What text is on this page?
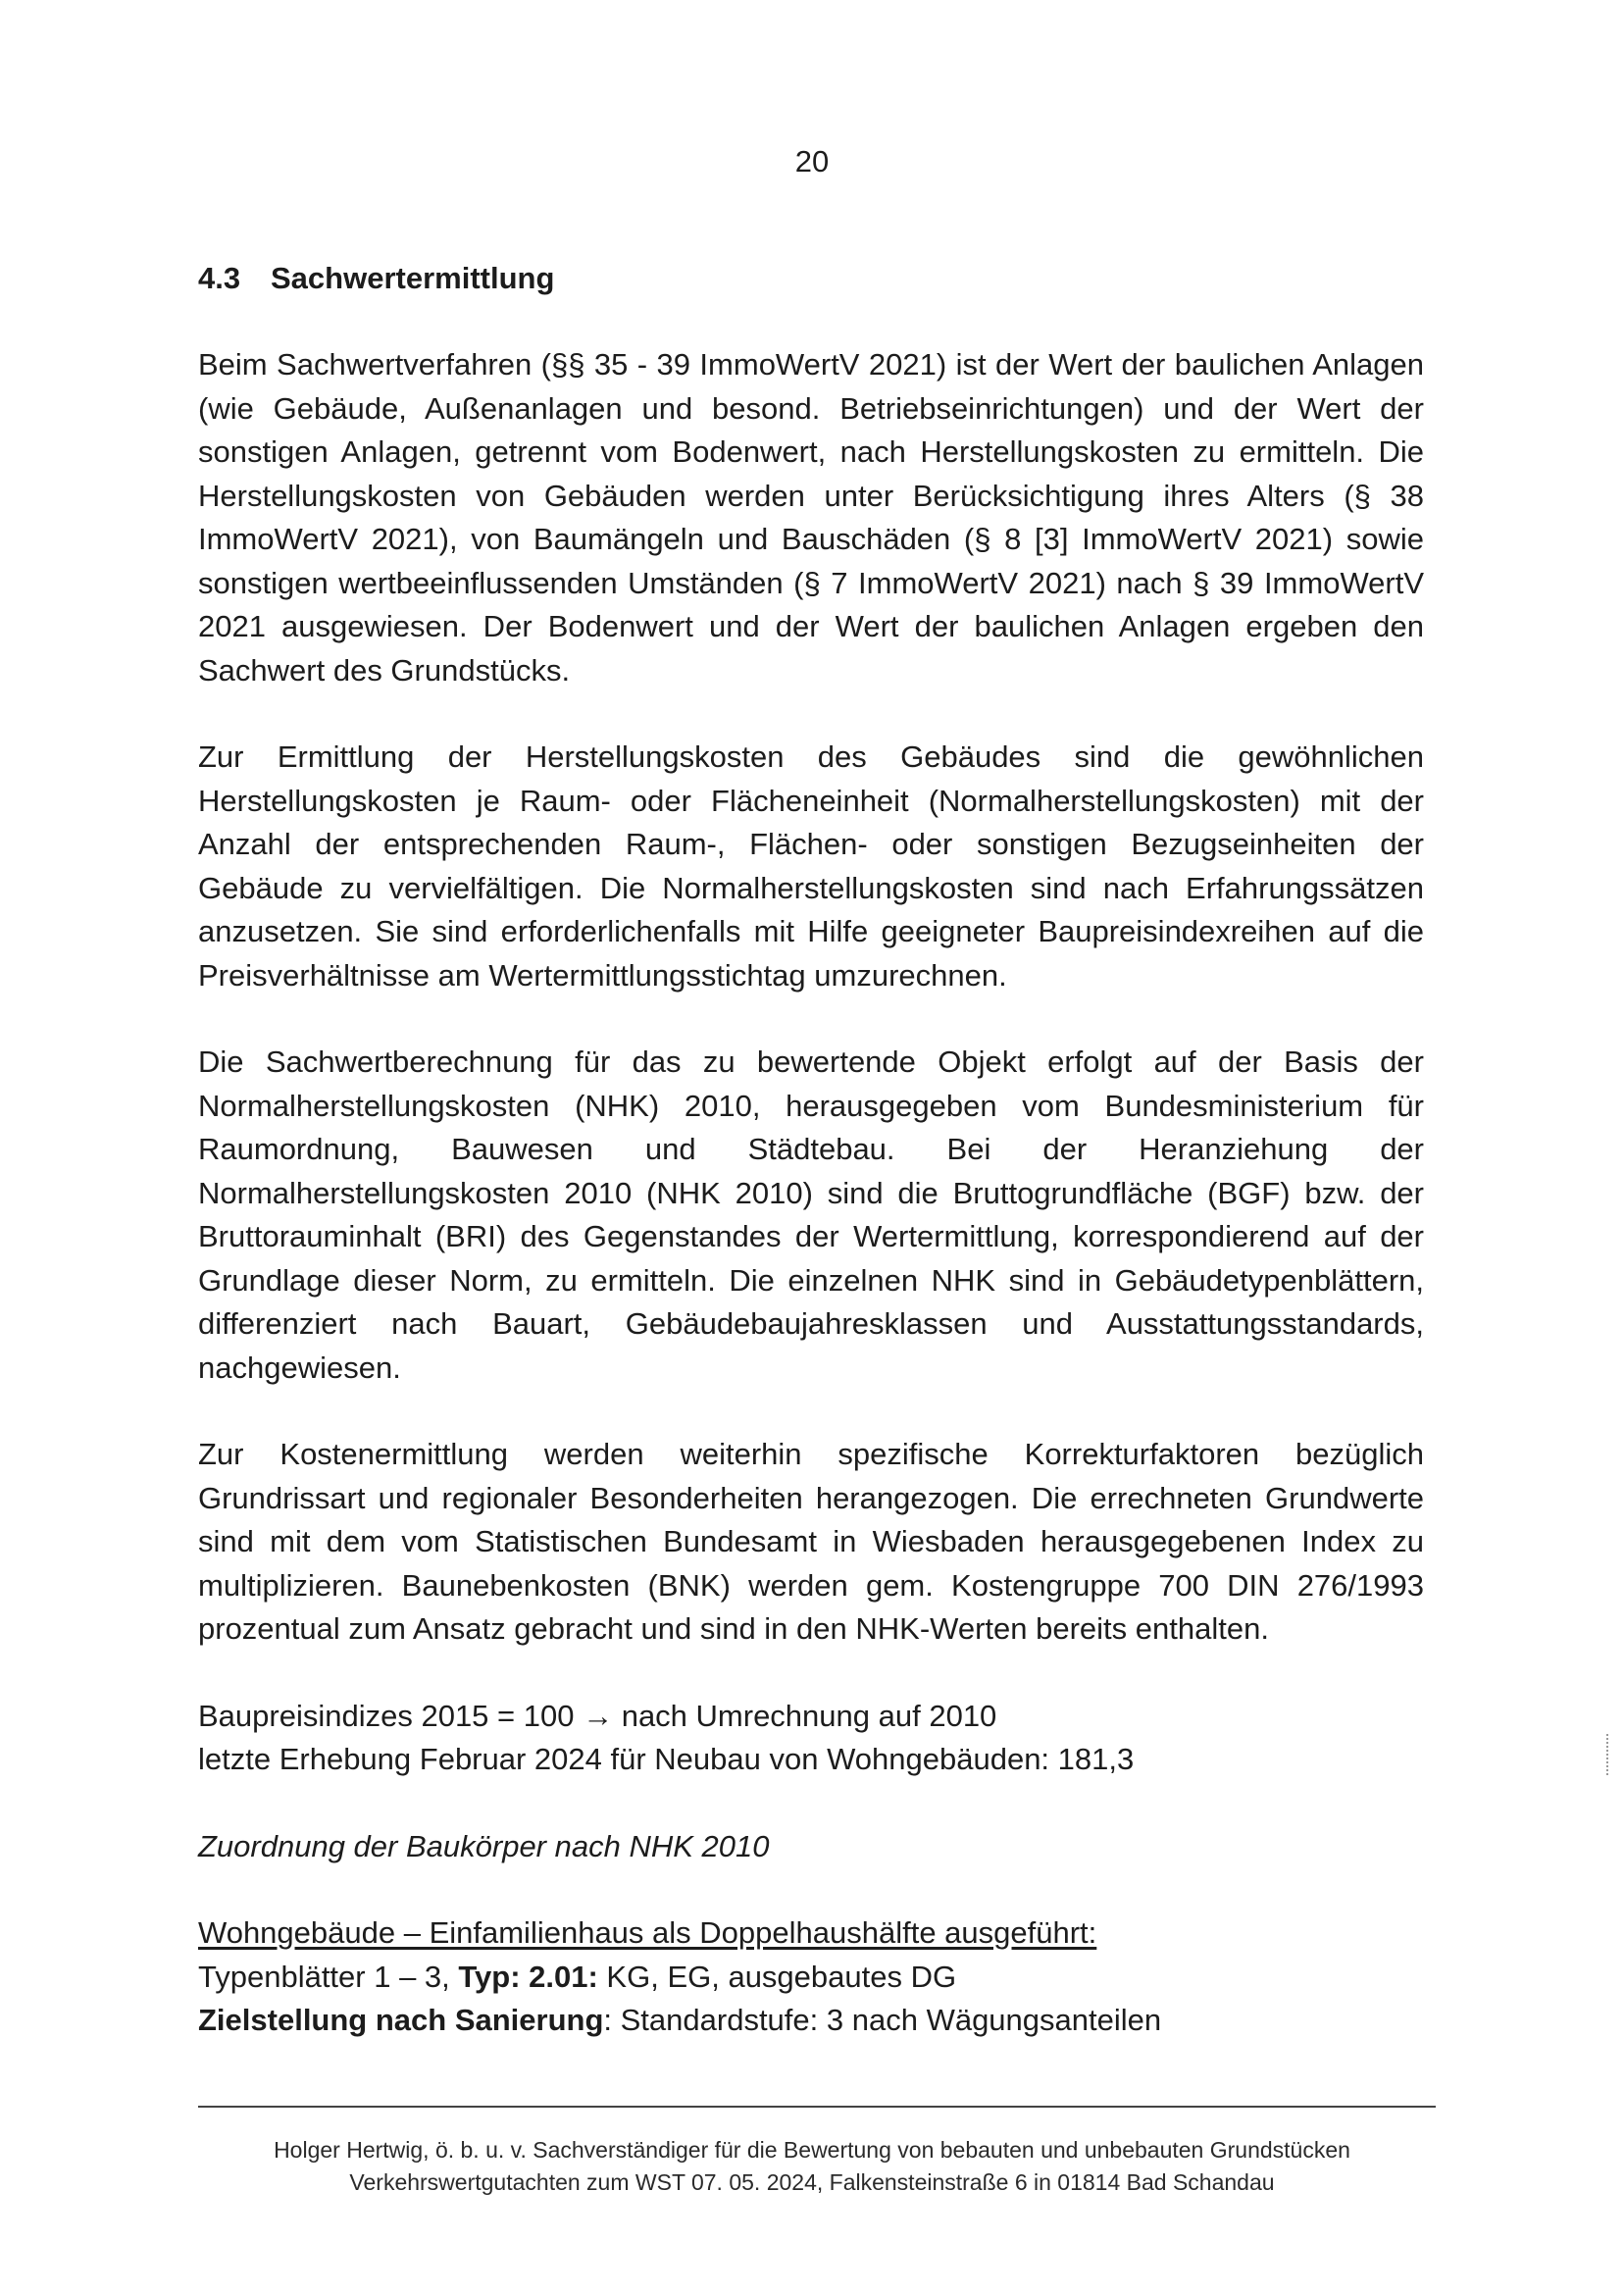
20
4.3 Sachwertermittlung

Beim Sachwertverfahren (§§ 35 - 39 ImmoWertV 2021) ist der Wert der baulichen Anlagen (wie Gebäude, Außenanlagen und besond. Betriebseinrichtungen) und der Wert der sonstigen Anlagen, getrennt vom Bodenwert, nach Herstellungskosten zu ermitteln. Die Herstellungskosten von Gebäuden werden unter Berücksichtigung ihres Alters (§ 38 ImmoWertV 2021), von Baumängeln und Bauschäden (§ 8 [3] ImmoWertV 2021) sowie sonstigen wertbeeinflussenden Umständen (§ 7 ImmoWertV 2021) nach § 39 ImmoWertV 2021 ausgewiesen. Der Bodenwert und der Wert der baulichen Anlagen ergeben den Sachwert des Grundstücks.

Zur Ermittlung der Herstellungskosten des Gebäudes sind die gewöhnlichen Herstellungskosten je Raum- oder Flächeneinheit (Normalherstellungskosten) mit der Anzahl der entsprechenden Raum-, Flächen- oder sonstigen Bezugseinheiten der Gebäude zu vervielfältigen. Die Normalherstellungskosten sind nach Erfahrungssätzen anzusetzen. Sie sind erforderlichenfalls mit Hilfe geeigneter Baupreisindexreihen auf die Preisverhältnisse am Wertermittlungsstichtag umzurechnen.

Die Sachwertberechnung für das zu bewertende Objekt erfolgt auf der Basis der Normalherstellungskosten (NHK) 2010, herausgegeben vom Bundesministerium für Raumordnung, Bauwesen und Städtebau. Bei der Heranziehung der Normalherstellungskosten 2010 (NHK 2010) sind die Bruttogrundfläche (BGF) bzw. der Bruttorauminhalt (BRI) des Gegenstandes der Wertermittlung, korrespondierend auf der Grundlage dieser Norm, zu ermitteln. Die einzelnen NHK sind in Gebäudetypenblättern, differenziert nach Bauart, Gebäudebaujahresklassen und Ausstattungsstandards, nachgewiesen.

Zur Kostenermittlung werden weiterhin spezifische Korrekturfaktoren bezüglich Grundrissart und regionaler Besonderheiten herangezogen. Die errechneten Grundwerte sind mit dem vom Statistischen Bundesamt in Wiesbaden herausgegebenen Index zu multiplizieren. Baunebenkosten (BNK) werden gem. Kostengruppe 700 DIN 276/1993 prozentual zum Ansatz gebracht und sind in den NHK-Werten bereits enthalten.

Baupreisindizes 2015 = 100 → nach Umrechnung auf 2010

letzte Erhebung Februar 2024 für Neubau von Wohngebäuden: 181,3

Zuordnung der Baukörper nach NHK 2010

Wohngebäude – Einfamilienhaus als Doppelhaushälfte ausgeführt:

Typenblätter 1 – 3, Typ: 2.01: KG, EG, ausgebautes DG

Zielstellung nach Sanierung: Standardstufe: 3 nach Wägungsanteilen

Holger Hertwig, ö. b. u. v. Sachverständiger für die Bewertung von bebauten und unbebauten Grundstücken
Verkehrswertgutachten zum WST 07. 05. 2024, Falkensteinstraße 6 in 01814 Bad Schandau
